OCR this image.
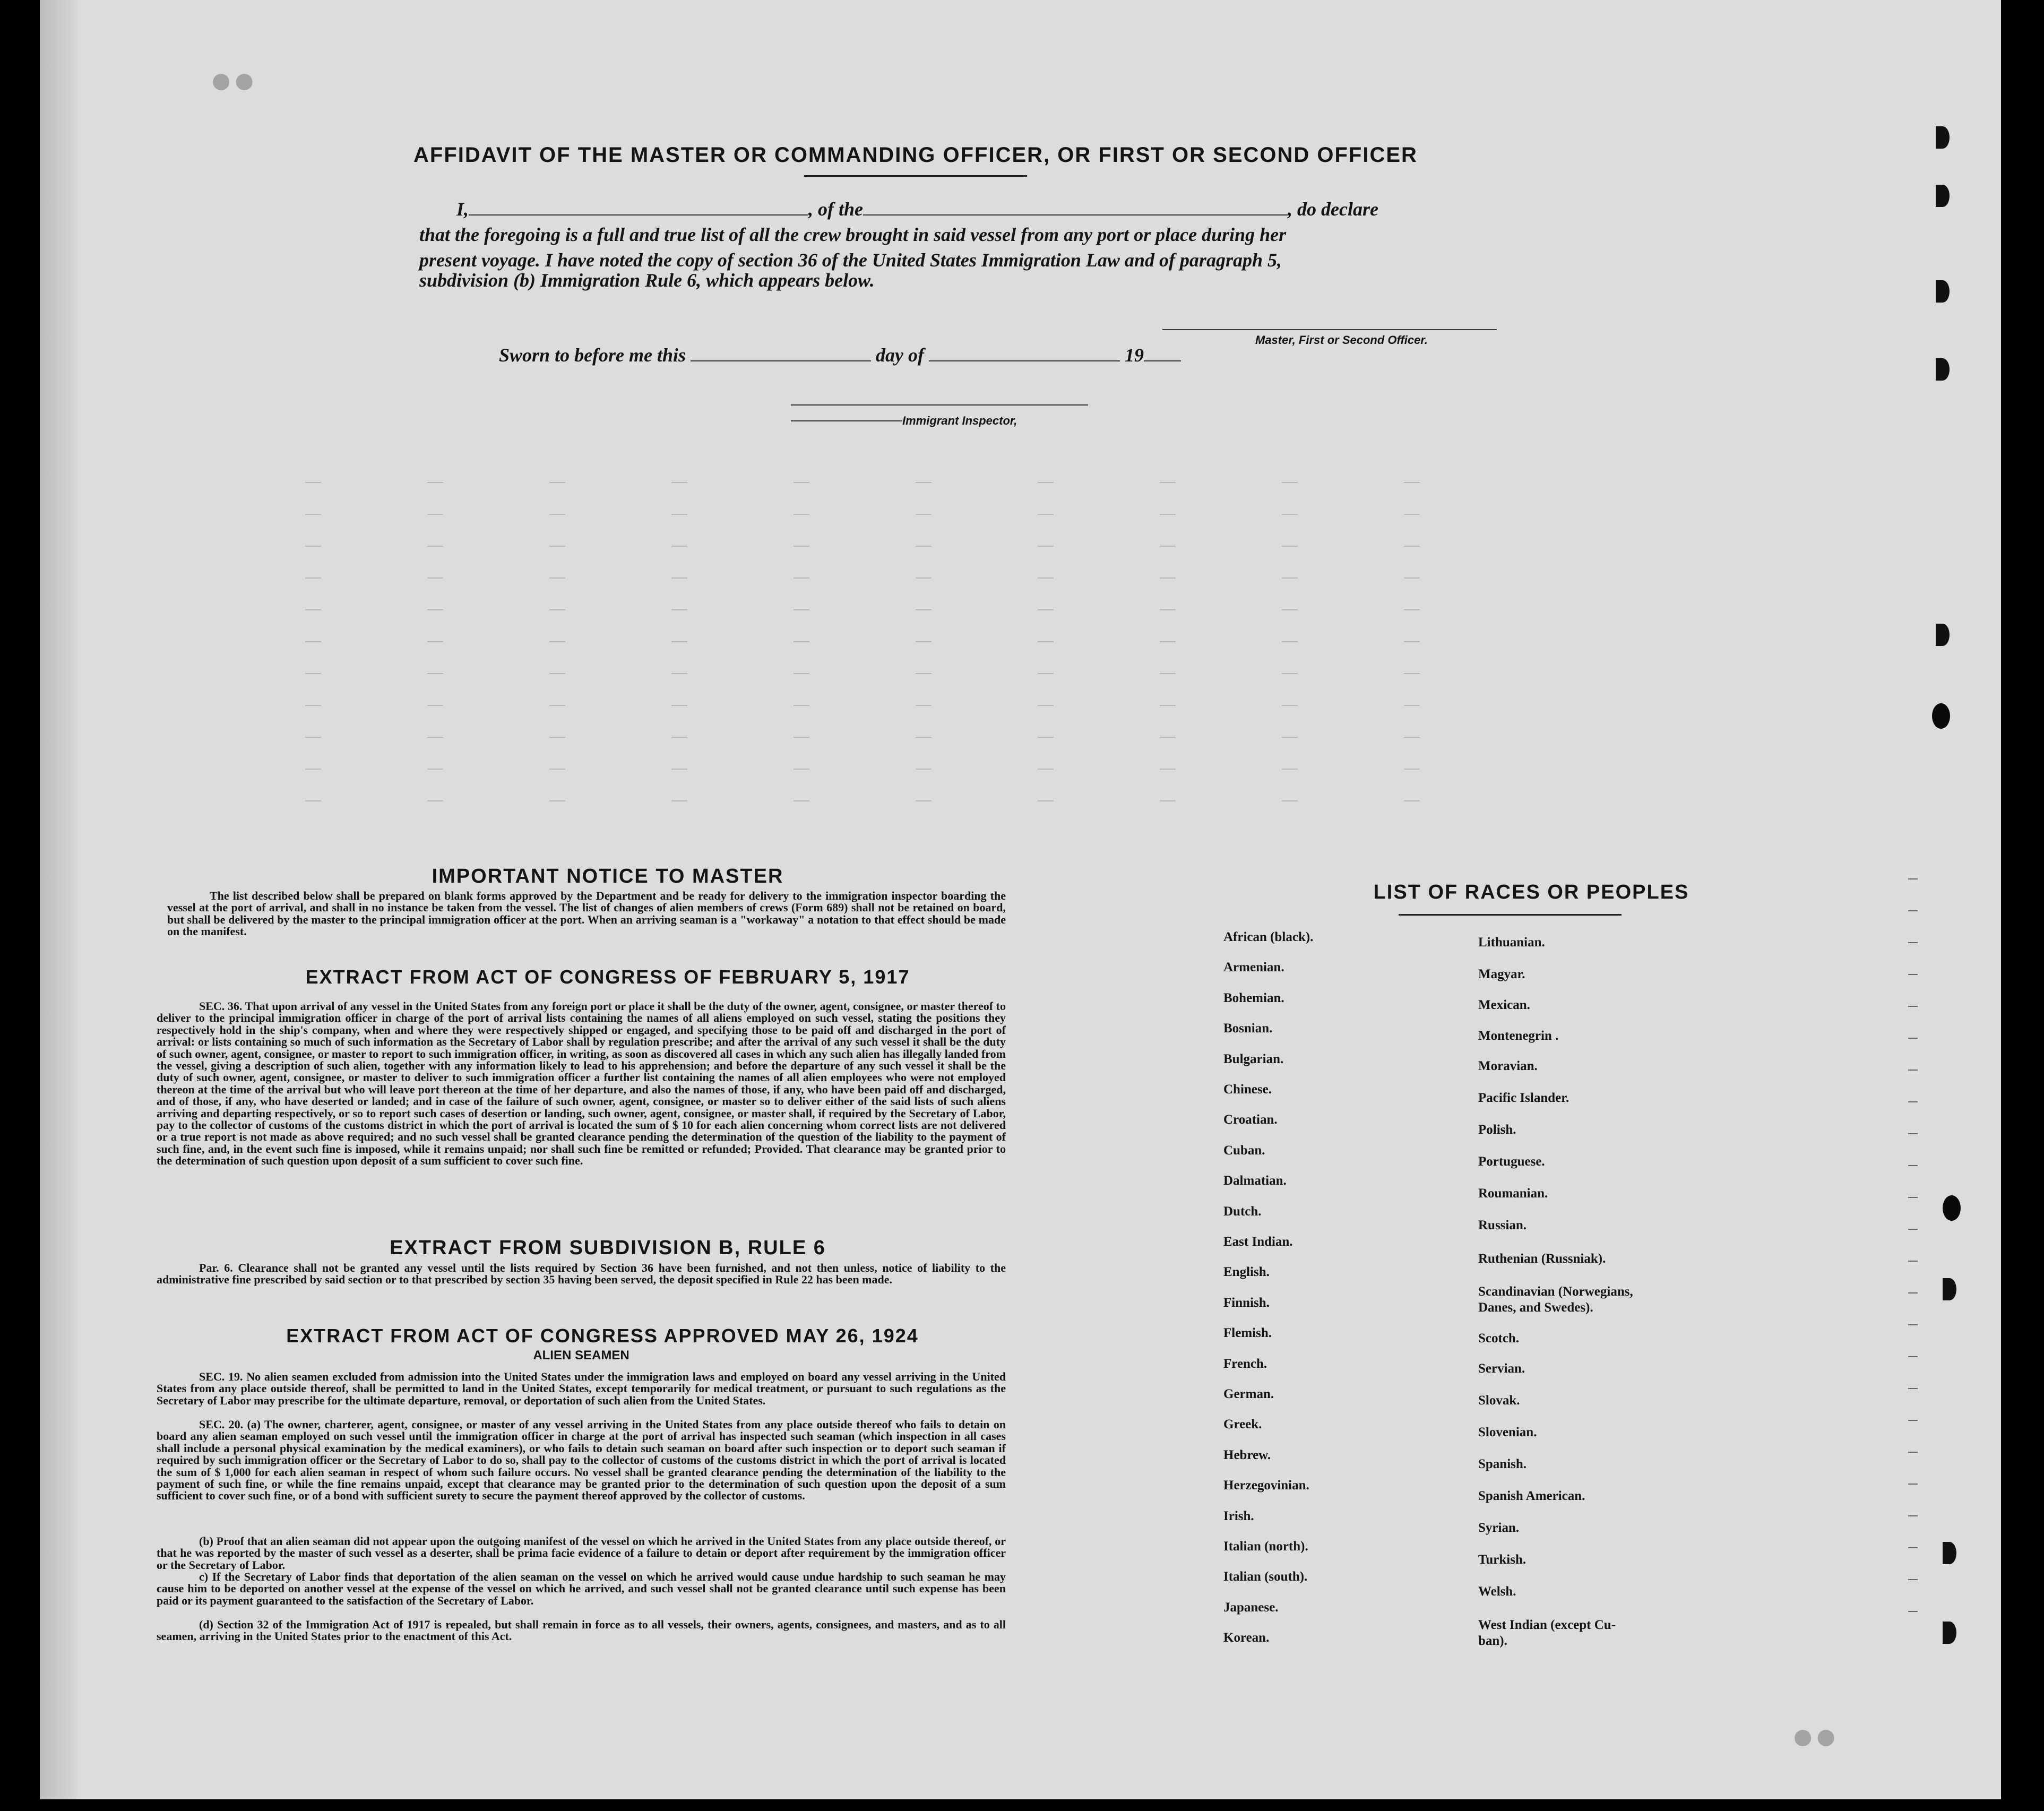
AFFIDAVIT OF THE MASTER OR COMMANDING OFFICER, OR FIRST OR SECOND OFFICER
I,	, of the	, do declare
that the foregoing is a full and true list of all the crew brought in said vessel from any port or place during her
present voyage. I have noted the copy of section 36 of the United States Immigration Law and of paragraph 5,
subdivision (b) Immigration Rule 6, which appears below.
Master, First or Second Officer.
Sworn to before me this	day of	19
Immigrant Inspector,
IMPORTANT NOTICE TO MASTER
The list described below shall be prepared on blank forms approved by the Department and be ready for delivery to the immigration inspector boarding the vessel at the port of arrival, and shall in no instance be taken from the vessel. The list of changes of alien members of crews (Form 689) shall not be retained on board, but shall be delivered by the master to the principal immigration officer at the port. When an arriving seaman is a "workaway" a notation to that effect should be made on the manifest.
EXTRACT FROM ACT OF CONGRESS OF FEBRUARY 5, 1917
SEC. 36. That upon arrival of any vessel in the United States from any foreign port or place it shall be the duty of the owner, agent, consignee, or master thereof to deliver to the principal immigration officer in charge of the port of arrival lists containing the names of all aliens employed on such vessel, stating the positions they respectively hold in the ship's company, when and where they were respectively shipped or engaged, and specifying those to be paid off and discharged in the port of arrival: or lists containing so much of such information as the Secretary of Labor shall by regulation prescribe; and after the arrival of any such vessel it shall be the duty of such owner, agent, consignee, or master to report to such immigration officer, in writing, as soon as discovered all cases in which any such alien has illegally landed from the vessel, giving a description of such alien, together with any information likely to lead to his apprehension; and before the departure of any such vessel it shall be the duty of such owner, agent, consignee, or master to deliver to such immigration officer a further list containing the names of all alien employees who were not employed thereon at the time of the arrival but who will leave port thereon at the time of her departure, and also the names of those, if any, who have been paid off and discharged, and of those, if any, who have deserted or landed; and in case of the failure of such owner, agent, consignee, or master so to deliver either of the said lists of such aliens arriving and departing respectively, or so to report such cases of desertion or landing, such owner, agent, consignee, or master shall, if required by the Secretary of Labor, pay to the collector of customs of the customs district in which the port of arrival is located the sum of $ 10 for each alien concerning whom correct lists are not delivered or a true report is not made as above required; and no such vessel shall be granted clearance pending the determination of the question of the liability to the payment of such fine, and, in the event such fine is imposed, while it remains unpaid; nor shall such fine be remitted or refunded; Provided. That clearance may be granted prior to the determination of such question upon deposit of a sum sufficient to cover such fine.
EXTRACT FROM SUBDIVISION B, RULE 6
Par. 6. Clearance shall not be granted any vessel until the lists required by Section 36 have been furnished, and not then unless, notice of liability to the administrative fine prescribed by said section or to that prescribed by section 35 having been served, the deposit specified in Rule 22 has been made.
EXTRACT FROM ACT OF CONGRESS APPROVED MAY 26, 1924
ALIEN SEAMEN
SEC. 19. No alien seamen excluded from admission into the United States under the immigration laws and employed on board any vessel arriving in the United States from any place outside thereof, shall be permitted to land in the United States, except temporarily for medical treatment, or pursuant to such regulations as the Secretary of Labor may prescribe for the ultimate departure, removal, or deportation of such alien from the United States.
SEC. 20. (a) The owner, charterer, agent, consignee, or master of any vessel arriving in the United States from any place outside thereof who fails to detain on board any alien seaman employed on such vessel until the immigration officer in charge at the port of arrival has inspected such seaman (which inspection in all cases shall include a personal physical examination by the medical examiners), or who fails to detain such seaman on board after such inspection or to deport such seaman if required by such immigration officer or the Secretary of Labor to do so, shall pay to the collector of customs of the customs district in which the port of arrival is located the sum of $ 1,000 for each alien seaman in respect of whom such failure occurs. No vessel shall be granted clearance pending the determination of the liability to the payment of such fine, or while the fine remains unpaid, except that clearance may be granted prior to the determination of such question upon the deposit of a sum sufficient to cover such fine, or of a bond with sufficient surety to secure the payment thereof approved by the collector of customs.
(b) Proof that an alien seaman did not appear upon the outgoing manifest of the vessel on which he arrived in the United States from any place outside thereof, or that he was reported by the master of such vessel as a deserter, shall be prima facie evidence of a failure to detain or deport after requirement by the immigration officer or the Secretary of Labor.
c) If the Secretary of Labor finds that deportation of the alien seaman on the vessel on which he arrived would cause undue hardship to such seaman he may cause him to be deported on another vessel at the expense of the vessel on which he arrived, and such vessel shall not be granted clearance until such expense has been paid or its payment guaranteed to the satisfaction of the Secretary of Labor.
(d) Section 32 of the Immigration Act of 1917 is repealed, but shall remain in force as to all vessels, their owners, agents, consignees, and masters, and as to all seamen, arriving in the United States prior to the enactment of this Act.
LIST OF RACES OR PEOPLES
●●
●●
African (black).
Armenian.
Bohemian.
Bosnian.
Bulgarian.
Chinese.
Croatian.
Cuban.
Dalmatian.
Dutch.
East Indian.
English.
Finnish.
Flemish.
French.
German.
Greek.
Hebrew.
Herzegovinian.
Irish.
Italian (north).
Italian (south).
Japanese.
Korean.
Lithuanian.
Magyar.
Mexican.
Montenegrin .
Moravian.
Pacific Islander.
Polish.
Portuguese.
Roumanian.
Russian.
Ruthenian (Russniak).
Scandinavian (Norwegians,
Danes, and Swedes).
Scotch.
Servian.
Slovak.
Slovenian.
Spanish.
Spanish American.
Syrian.
Turkish.
Welsh.
West Indian (except Cu-
ban).
